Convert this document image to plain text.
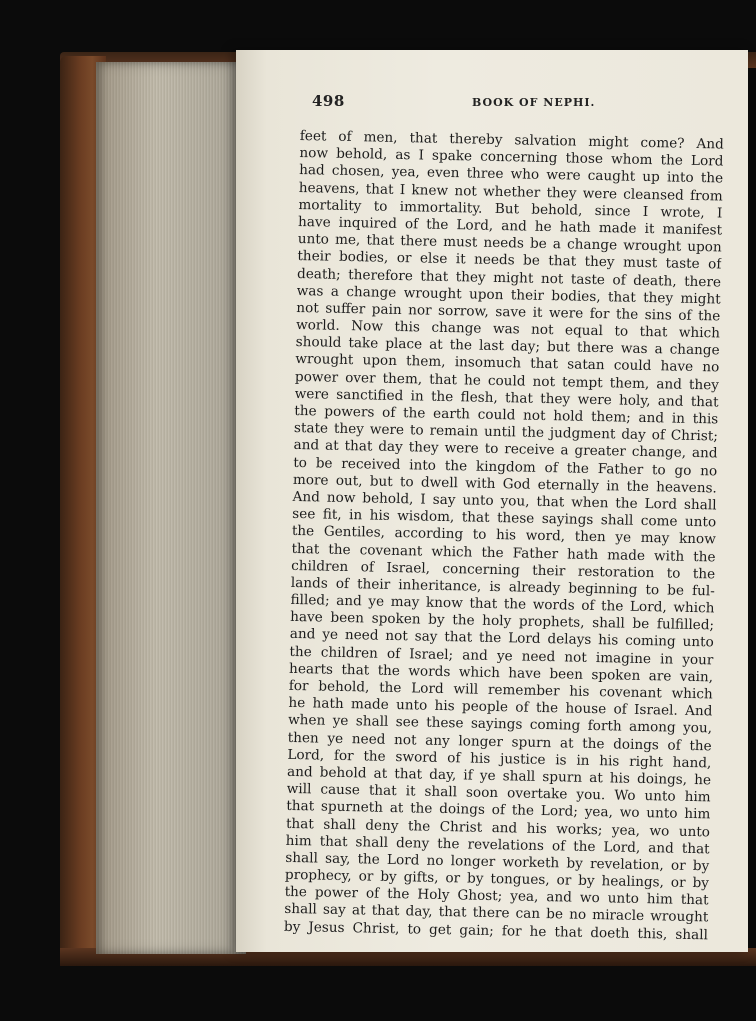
498	BOOK OF NEPHI.
feet of men, that thereby salvation might come? And
now behold, as I spake concerning those whom the Lord
had chosen, yea, even three who were caught up into the
heavens, that I knew not whether they were cleansed from
mortality to immortality. But behold, since I wrote, I
have inquired of the Lord, and he hath made it manifest
unto me, that there must needs be a change wrought upon
their bodies, or else it needs be that they must taste of
death; therefore that they might not taste of death, there
was a change wrought upon their bodies, that they might
not suffer pain nor sorrow, save it were for the sins of the
world. Now this change was not equal to that which
should take place at the last day; but there was a change
wrought upon them, insomuch that satan could have no
power over them, that he could not tempt them, and they
were sanctified in the flesh, that they were holy, and that
the powers of the earth could not hold them; and in this
state they were to remain until the judgment day of Christ;
and at that day they were to receive a greater change, and
to be received into the kingdom of the Father to go no
more out, but to dwell with God eternally in the heavens.
And now behold, I say unto you, that when the Lord shall
see fit, in his wisdom, that these sayings shall come unto
the Gentiles, according to his word, then ye may know
that the covenant which the Father hath made with the
children of Israel, concerning their restoration to the
lands of their inheritance, is already beginning to be ful-
filled; and ye may know that the words of the Lord, which
have been spoken by the holy prophets, shall be fulfilled;
and ye need not say that the Lord delays his coming unto
the children of Israel; and ye need not imagine in your
hearts that the words which have been spoken are vain,
for behold, the Lord will remember his covenant which
he hath made unto his people of the house of Israel. And
when ye shall see these sayings coming forth among you,
then ye need not any longer spurn at the doings of the
Lord, for the sword of his justice is in his right hand,
and behold at that day, if ye shall spurn at his doings, he
will cause that it shall soon overtake you. Wo unto him
that spurneth at the doings of the Lord; yea, wo unto him
that shall deny the Christ and his works; yea, wo unto
him that shall deny the revelations of the Lord, and that
shall say, the Lord no longer worketh by revelation, or by
prophecy, or by gifts, or by tongues, or by healings, or by
the power of the Holy Ghost; yea, and wo unto him that
shall say at that day, that there can be no miracle wrought
by Jesus Christ, to get gain; for he that doeth this, shall
